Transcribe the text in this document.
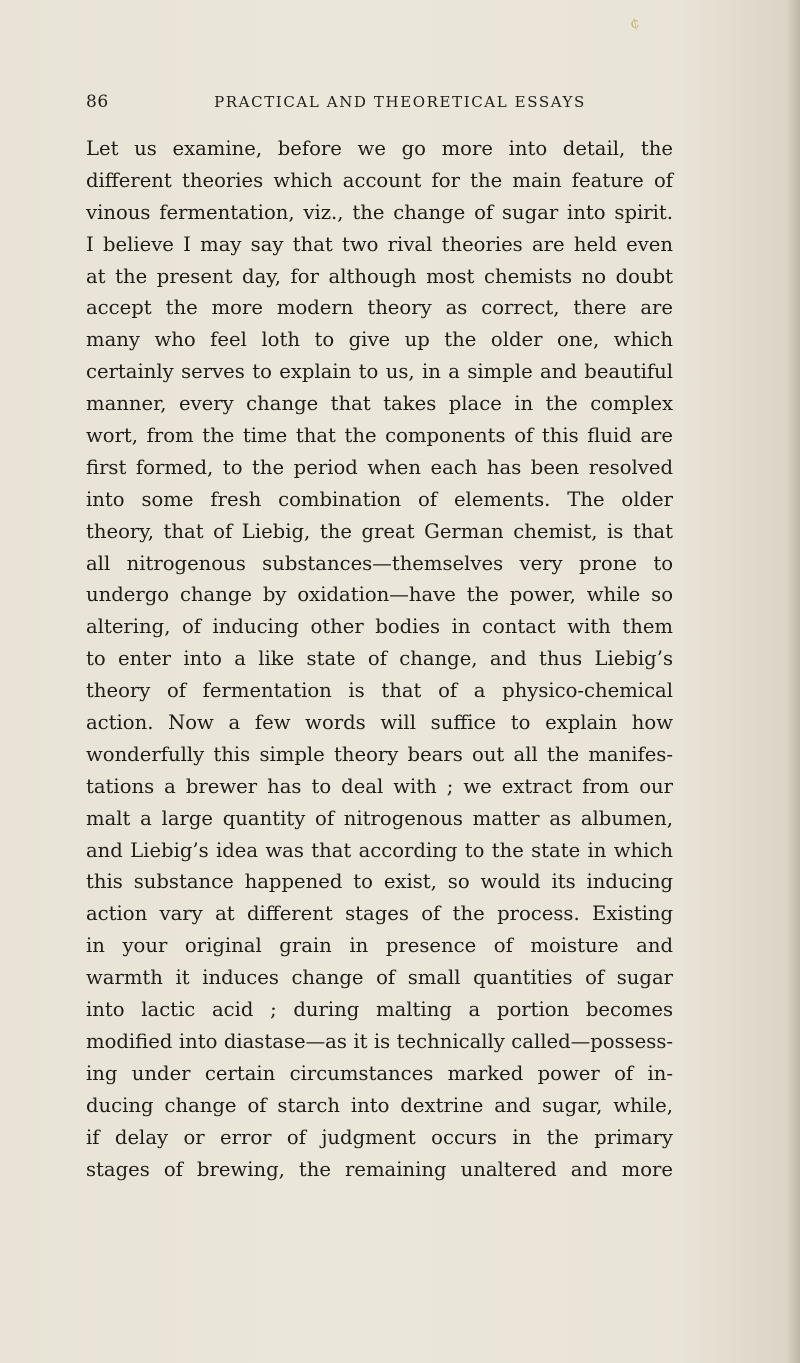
¢
86	PRACTICAL AND THEORETICAL ESSAYS
Let us examine, before we go more into detail, the
different theories which account for the main feature of
vinous fermentation, viz., the change of sugar into spirit.
I believe I may say that two rival theories are held even
at the present day, for although most chemists no doubt
accept the more modern theory as correct, there are
many who feel loth to give up the older one, which
certainly serves to explain to us, in a simple and beautiful
manner, every change that takes place in the complex
wort, from the time that the components of this fluid are
first formed, to the period when each has been resolved
into some fresh combination of elements. The older
theory, that of Liebig, the great German chemist, is that
all nitrogenous substances—themselves very prone to
undergo change by oxidation—have the power, while so
altering, of inducing other bodies in contact with them
to enter into a like state of change, and thus Liebig’s
theory of fermentation is that of a physico-chemical
action. Now a few words will suffice to explain how
wonderfully this simple theory bears out all the manifes-
tations a brewer has to deal with ; we extract from our
malt a large quantity of nitrogenous matter as albumen,
and Liebig’s idea was that according to the state in which
this substance happened to exist, so would its inducing
action vary at different stages of the process. Existing
in your original grain in presence of moisture and
warmth it induces change of small quantities of sugar
into lactic acid ; during malting a portion becomes
modified into diastase—as it is technically called—possess-
ing under certain circumstances marked power of in-
ducing change of starch into dextrine and sugar, while,
if delay or error of judgment occurs in the primary
stages of brewing, the remaining unaltered and more
